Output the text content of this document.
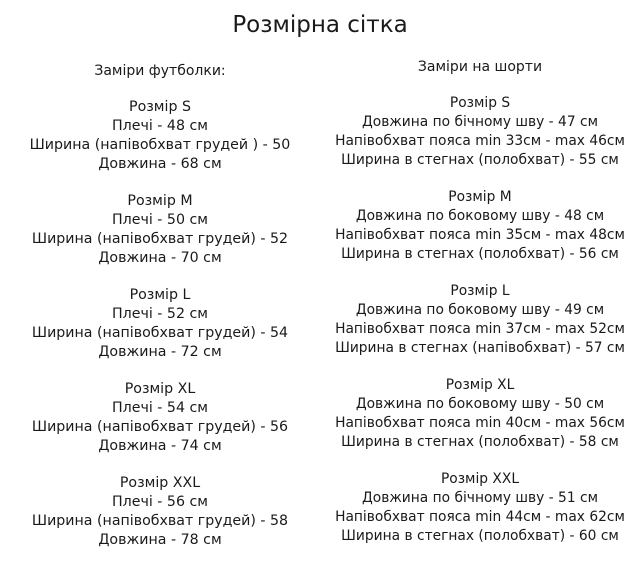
Розмірна сітка
Заміри футболки:
Розмір S
Плечі - 48 см
Ширина (напівобхват грудей ) - 50
Довжина - 68 см
Розмір M
Плечі - 50 см
Ширина (напівобхват грудей) - 52
Довжина - 70 см
Розмір L
Плечі - 52 см
Ширина (напівобхват грудей) - 54
Довжина - 72 см
Розмір XL
Плечі - 54 см
Ширина (напівобхват грудей) - 56
Довжина - 74 см
Розмір XXL
Плечі - 56 см
Ширина (напівобхват грудей) - 58
Довжина - 78 см
Заміри на шорти
Розмір S
Довжина по бічному шву - 47 см
Напівобхват пояса min 33см - max 46см
Ширина в стегнах (полобхват) - 55 см
Розмір M
Довжина по боковому шву - 48 см
Напівобхват пояса min 35см - max 48см
Ширина в стегнах (полобхват) - 56 см
Розмір L
Довжина по боковому шву - 49 см
Напівобхват пояса min 37см - max 52см
Ширина в стегнах (напівобхват) - 57 см
Розмір XL
Довжина по боковому шву - 50 см
Напівобхват пояса min 40см - max 56см
Ширина в стегнах (полобхват) - 58 см
Розмір XXL
Довжина по бічному шву - 51 см
Напівобхват пояса min 44см - max 62см
Ширина в стегнах (полобхват) - 60 см
